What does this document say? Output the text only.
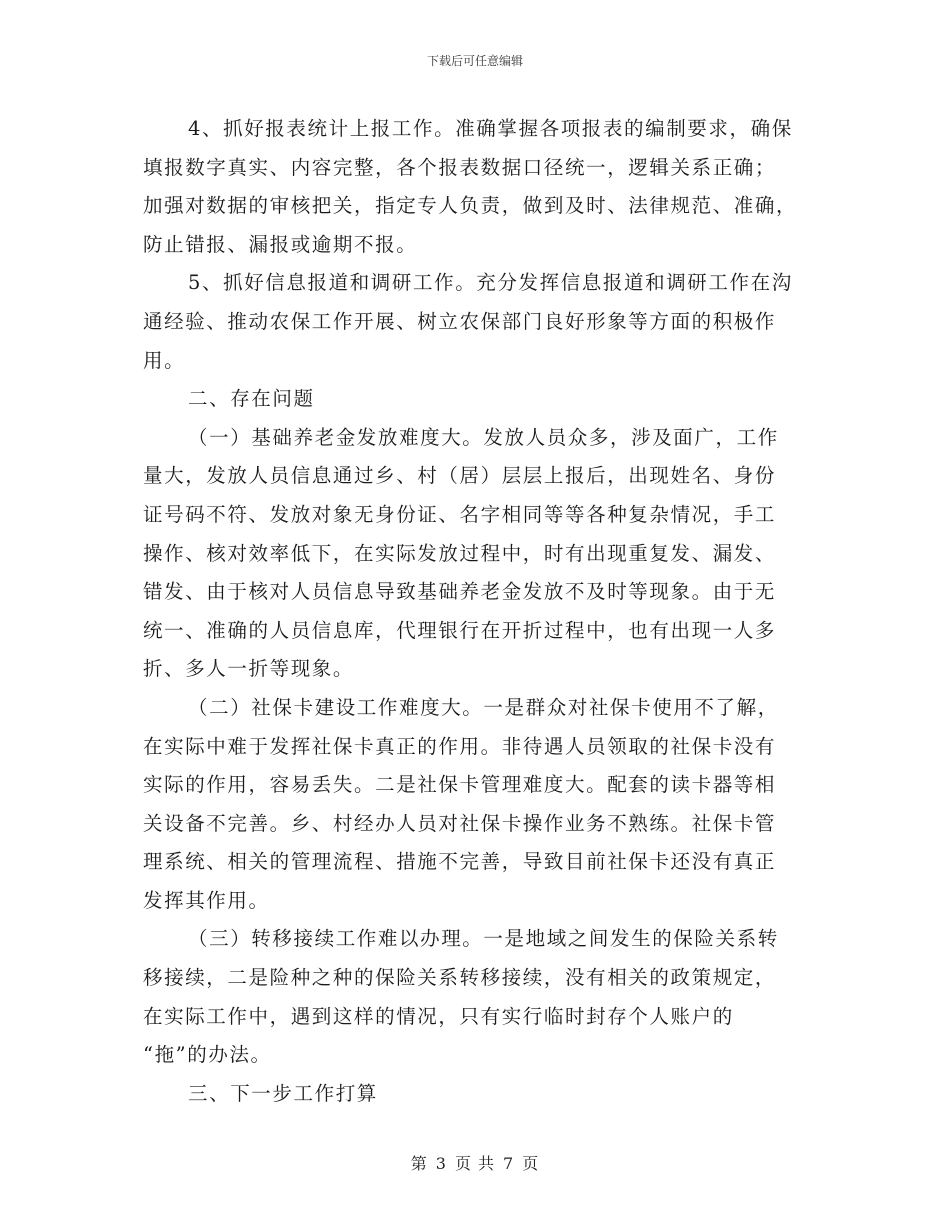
下载后可任意编辑

4、抓好报表统计上报工作。准确掌握各项报表的编制要求，确保
填报数字真实、内容完整，各个报表数据口径统一，逻辑关系正确；
加强对数据的审核把关，指定专人负责，做到及时、法律规范、准确，
防止错报、漏报或逾期不报。

5、抓好信息报道和调研工作。充分发挥信息报道和调研工作在沟
通经验、推动农保工作开展、树立农保部门良好形象等方面的积极作
用。

二、存在问题

（一）基础养老金发放难度大。发放人员众多，涉及面广，工作
量大，发放人员信息通过乡、村（居）层层上报后，出现姓名、身份
证号码不符、发放对象无身份证、名字相同等等各种复杂情况，手工
操作、核对效率低下，在实际发放过程中，时有出现重复发、漏发、
错发、由于核对人员信息导致基础养老金发放不及时等现象。由于无
统一、准确的人员信息库，代理银行在开折过程中，也有出现一人多
折、多人一折等现象。

（二）社保卡建设工作难度大。一是群众对社保卡使用不了解，
在实际中难于发挥社保卡真正的作用。非待遇人员领取的社保卡没有
实际的作用，容易丢失。二是社保卡管理难度大。配套的读卡器等相
关设备不完善。乡、村经办人员对社保卡操作业务不熟练。社保卡管
理系统、相关的管理流程、措施不完善，导致目前社保卡还没有真正
发挥其作用。

（三）转移接续工作难以办理。一是地域之间发生的保险关系转
移接续，二是险种之种的保险关系转移接续，没有相关的政策规定，
在实际工作中，遇到这样的情况，只有实行临时封存个人账户的
“拖”的办法。

三、下一步工作打算

第 3 页 共 7 页
